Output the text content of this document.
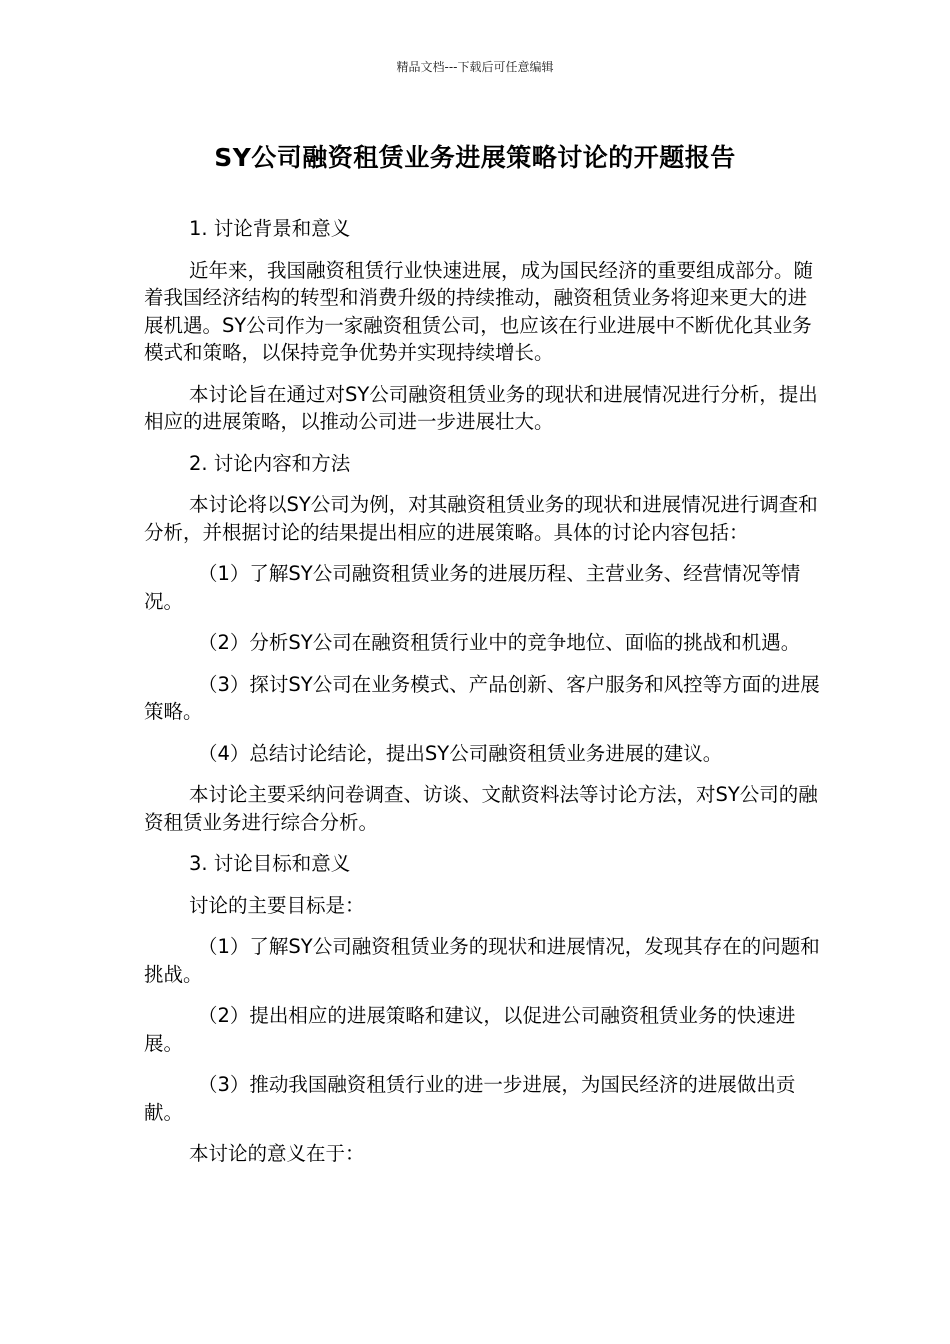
精品文档---下载后可任意编辑
SY公司融资租赁业务进展策略讨论的开题报告

1. 讨论背景和意义

近年来，我国融资租赁行业快速进展，成为国民经济的重要组成部分。随着我国经济结构的转型和消费升级的持续推动，融资租赁业务将迎来更大的进展机遇。SY公司作为一家融资租赁公司，也应该在行业进展中不断优化其业务模式和策略，以保持竞争优势并实现持续增长。

本讨论旨在通过对SY公司融资租赁业务的现状和进展情况进行分析，提出相应的进展策略，以推动公司进一步进展壮大。

2. 讨论内容和方法

本讨论将以SY公司为例，对其融资租赁业务的现状和进展情况进行调查和分析，并根据讨论的结果提出相应的进展策略。具体的讨论内容包括：

（1）了解SY公司融资租赁业务的进展历程、主营业务、经营情况等情况。

（2）分析SY公司在融资租赁行业中的竞争地位、面临的挑战和机遇。

（3）探讨SY公司在业务模式、产品创新、客户服务和风控等方面的进展策略。

（4）总结讨论结论，提出SY公司融资租赁业务进展的建议。

本讨论主要采纳问卷调查、访谈、文献资料法等讨论方法，对SY公司的融资租赁业务进行综合分析。

3. 讨论目标和意义

讨论的主要目标是：

（1）了解SY公司融资租赁业务的现状和进展情况，发现其存在的问题和挑战。

（2）提出相应的进展策略和建议，以促进公司融资租赁业务的快速进展。

（3）推动我国融资租赁行业的进一步进展，为国民经济的进展做出贡献。

本讨论的意义在于：
